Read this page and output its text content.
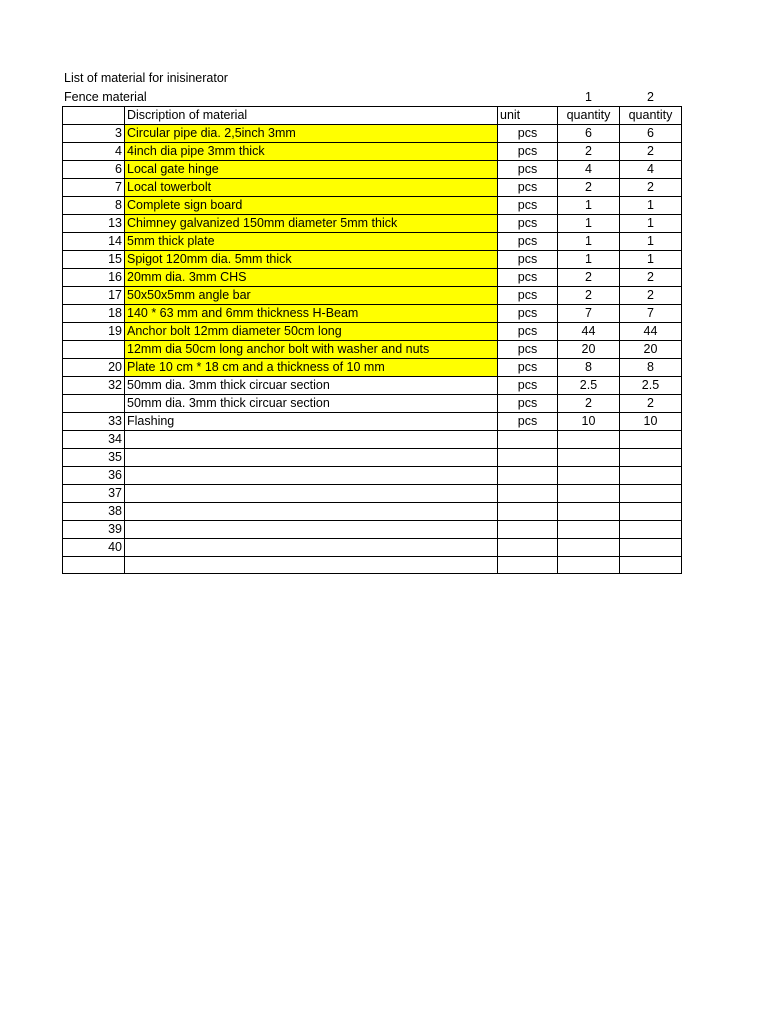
List of material for inisinerator
Fence material	1	2
	Discription of material	unit	quantity	quantity
3	Circular pipe dia. 2,5inch 3mm	pcs	6	6
4	4inch dia pipe 3mm thick	pcs	2	2
6	Local gate hinge	pcs	4	4
7	Local towerbolt	pcs	2	2
8	Complete sign board	pcs	1	1
13	Chimney galvanized 150mm diameter 5mm thick	pcs	1	1
14	5mm thick plate	pcs	1	1
15	Spigot 120mm dia. 5mm thick	pcs	1	1
16	20mm dia. 3mm CHS	pcs	2	2
17	50x50x5mm angle bar	pcs	2	2
18	140 * 63 mm and 6mm thickness H-Beam	pcs	7	7
19	Anchor bolt 12mm diameter 50cm long	pcs	44	44
	12mm dia 50cm long anchor bolt with washer and nuts	pcs	20	20
20	Plate 10 cm * 18 cm and a thickness of 10 mm	pcs	8	8
32	50mm dia. 3mm thick circuar section	pcs	2.5	2.5
	50mm dia. 3mm thick circuar section	pcs	2	2
33	Flashing	pcs	10	10
34				
35				
36				
37				
38				
39				
40				
